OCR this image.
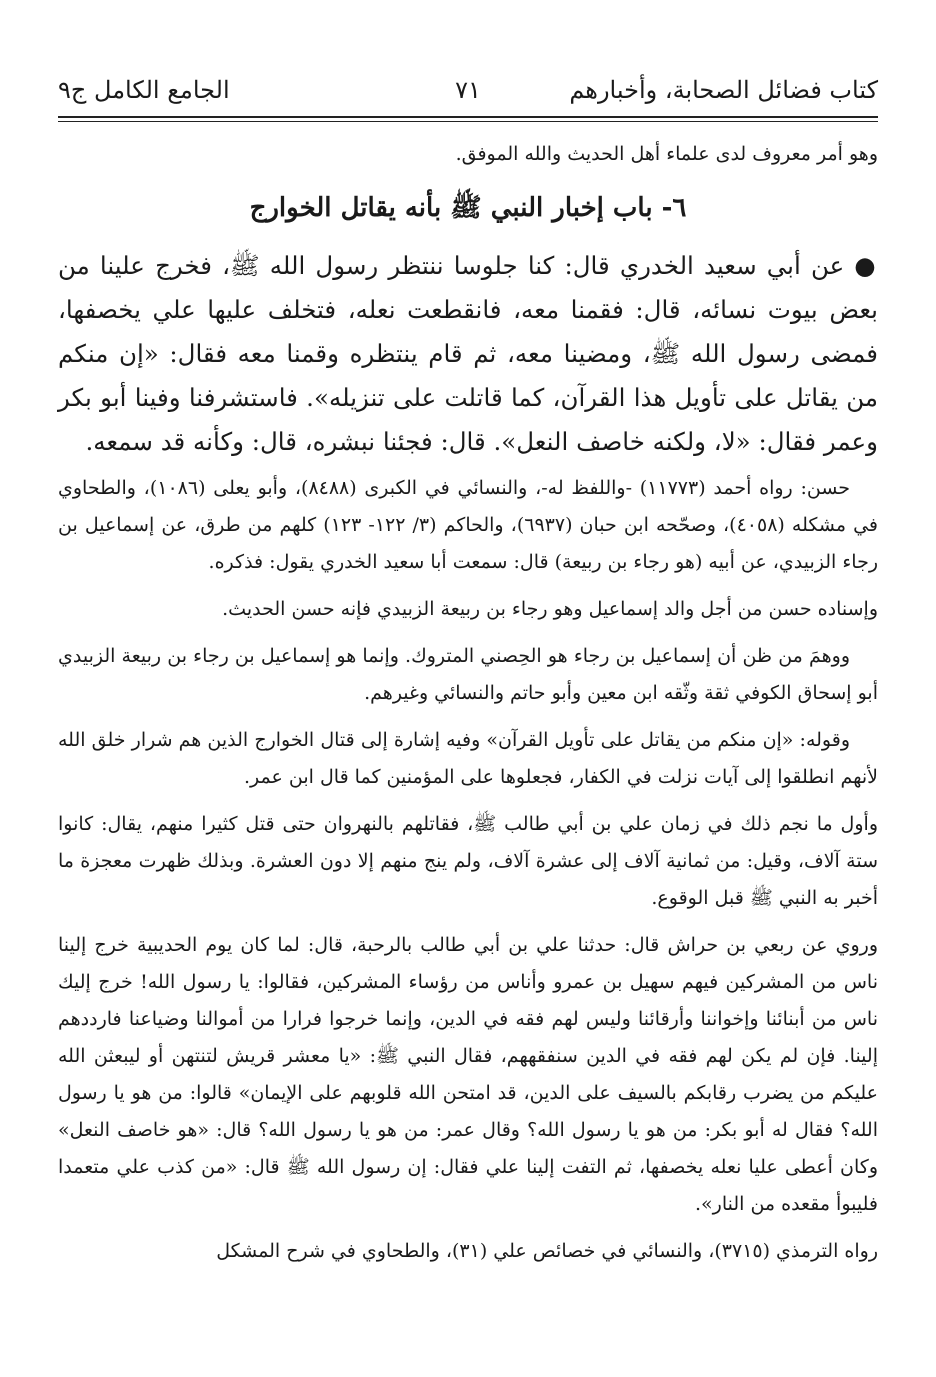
كتاب فضائل الصحابة، وأخبارهم
٧١
الجامع الكامل ج٩

وهو أمر معروف لدى علماء أهل الحديث والله الموفق.

٦- باب إخبار النبي ﷺ بأنه يقاتل الخوارج

●عن أبي سعيد الخدري قال: كنا جلوسا ننتظر رسول الله ﷺ، فخرج علينا من بعض بيوت نسائه، قال: فقمنا معه، فانقطعت نعله، فتخلف عليها علي يخصفها، فمضى رسول الله ﷺ، ومضينا معه، ثم قام ينتظره وقمنا معه فقال: «إن منكم من يقاتل على تأويل هذا القرآن، كما قاتلت على تنزيله». فاستشرفنا وفينا أبو بكر وعمر فقال: «لا، ولكنه خاصف النعل». قال: فجئنا نبشره، قال: وكأنه قد سمعه.

حسن: رواه أحمد (١١٧٧٣) -واللفظ له-، والنسائي في الكبرى (٨٤٨٨)، وأبو يعلى (١٠٨٦)، والطحاوي في مشكله (٤٠٥٨)، وصحّحه ابن حبان (٦٩٣٧)، والحاكم (٣/ ١٢٢- ١٢٣) كلهم من طرق، عن إسماعيل بن رجاء الزبيدي، عن أبيه (هو رجاء بن ربيعة) قال: سمعت أبا سعيد الخدري يقول: فذكره.

وإسناده حسن من أجل والد إسماعيل وهو رجاء بن ربيعة الزبيدي فإنه حسن الحديث.

ووهمَ من ظن أن إسماعيل بن رجاء هو الحِصني المتروك. وإنما هو إسماعيل بن رجاء بن ربيعة الزبيدي أبو إسحاق الكوفي ثقة وثّقه ابن معين وأبو حاتم والنسائي وغيرهم.

وقوله: «إن منكم من يقاتل على تأويل القرآن» وفيه إشارة إلى قتال الخوارج الذين هم شرار خلق الله لأنهم انطلقوا إلى آيات نزلت في الكفار، فجعلوها على المؤمنين كما قال ابن عمر.

وأول ما نجم ذلك في زمان علي بن أبي طالب ﷺ، فقاتلهم بالنهروان حتى قتل كثيرا منهم، يقال: كانوا ستة آلاف، وقيل: من ثمانية آلاف إلى عشرة آلاف، ولم ينج منهم إلا دون العشرة. وبذلك ظهرت معجزة ما أخبر به النبي ﷺ قبل الوقوع.

وروي عن ربعي بن حراش قال: حدثنا علي بن أبي طالب بالرحبة، قال: لما كان يوم الحديبية خرج إلينا ناس من المشركين فيهم سهيل بن عمرو وأناس من رؤساء المشركين، فقالوا: يا رسول الله! خرج إليك ناس من أبنائنا وإخواننا وأرقائنا وليس لهم فقه في الدين، وإنما خرجوا فرارا من أموالنا وضياعنا فارددهم إلينا. فإن لم يكن لهم فقه في الدين سنفقههم، فقال النبي ﷺ: «يا معشر قريش لتنتهن أو ليبعثن الله عليكم من يضرب رقابكم بالسيف على الدين، قد امتحن الله قلوبهم على الإيمان» قالوا: من هو يا رسول الله؟ فقال له أبو بكر: من هو يا رسول الله؟ وقال عمر: من هو يا رسول الله؟ قال: «هو خاصف النعل» وكان أعطى عليا نعله يخصفها، ثم التفت إلينا علي فقال: إن رسول الله ﷺ قال: «من كذب علي متعمدا فليبوأ مقعده من النار».

رواه الترمذي (٣٧١٥)، والنسائي في خصائص علي (٣١)، والطحاوي في شرح المشكل
